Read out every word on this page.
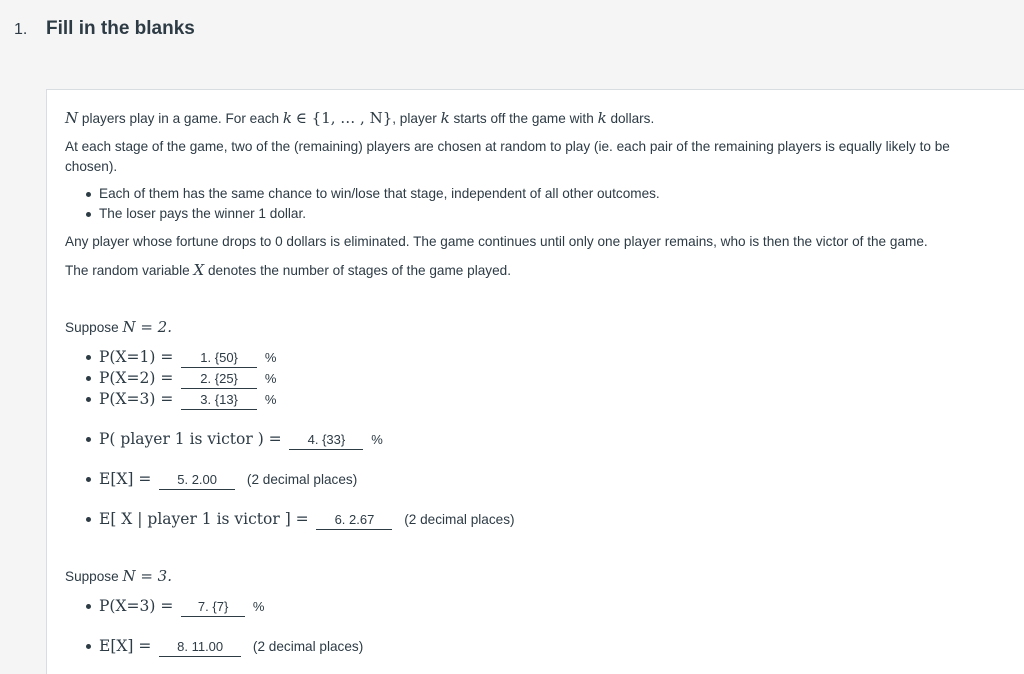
1. Fill in the blanks
N players play in a game. For each k ∈ {1, … , N}, player k starts off the game with k dollars.
At each stage of the game, two of the (remaining) players are chosen at random to play (ie. each pair of the remaining players is equally likely to be
chosen).
Each of them has the same chance to win/lose that stage, independent of all other outcomes.
The loser pays the winner 1 dollar.
Any player whose fortune drops to 0 dollars is eliminated. The game continues until only one player remains, who is then the victor of the game.
The random variable X denotes the number of stages of the game played.
Suppose N = 2.
P(X=1) = 1. {50} %
P(X=2) = 2. {25} %
P(X=3) = 3. {13} %
P( player 1 is victor ) = 4. {33} %
E[X] = 5. 2.00 (2 decimal places)
E[ X | player 1 is victor ] = 6. 2.67 (2 decimal places)
Suppose N = 3.
P(X=3) = 7. {7} %
E[X] = 8. 11.00 (2 decimal places)
